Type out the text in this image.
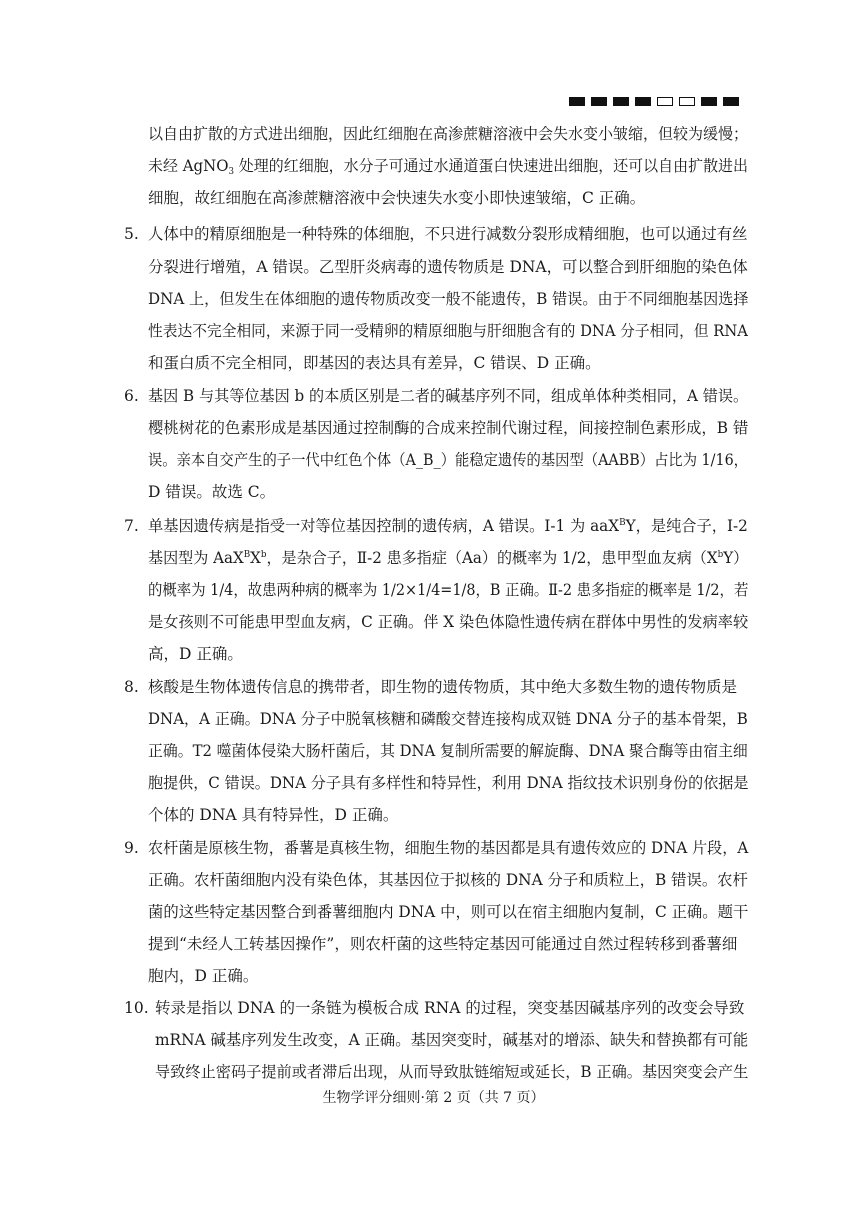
以自由扩散的方式进出细胞，因此红细胞在高渗蔗糖溶液中会失水变小皱缩，但较为缓慢；
未经 AgNO$_3$ 处理的红细胞，水分子可通过水通道蛋白快速进出细胞，还可以自由扩散进出
细胞，故红细胞在高渗蔗糖溶液中会快速失水变小即快速皱缩，C 正确。
5. 人体中的精原细胞是一种特殊的体细胞，不只进行减数分裂形成精细胞，也可以通过有丝
分裂进行增殖，A 错误。乙型肝炎病毒的遗传物质是 DNA，可以整合到肝细胞的染色体
DNA 上，但发生在体细胞的遗传物质改变一般不能遗传，B 错误。由于不同细胞基因选择
性表达不完全相同，来源于同一受精卵的精原细胞与肝细胞含有的 DNA 分子相同，但 RNA
和蛋白质不完全相同，即基因的表达具有差异，C 错误、D 正确。
6. 基因 B 与其等位基因 b 的本质区别是二者的碱基序列不同，组成单体种类相同，A 错误。
樱桃树花的色素形成是基因通过控制酶的合成来控制代谢过程，间接控制色素形成，B 错
误。亲本自交产生的子一代中红色个体（A_B_）能稳定遗传的基因型（AABB）占比为 1/16，
D 错误。故选 C。
7. 单基因遗传病是指受一对等位基因控制的遗传病，A 错误。Ⅰ-1 为 aaX$^B$Y，是纯合子，Ⅰ-2
基因型为 $AaX^BX^b$，是杂合子，Ⅱ-2 患多指症（Aa）的概率为 1/2，患甲型血友病$(X^bY)$
的概率为 1/4，故患两种病的概率为 1/2×1/4=1/8，B 正确。Ⅱ-2 患多指症的概率是 1/2，若
是女孩则不可能患甲型血友病，C 正确。伴 X 染色体隐性遗传病在群体中男性的发病率较
高，D 正确。
8. 核酸是生物体遗传信息的携带者，即生物的遗传物质，其中绝大多数生物的遗传物质是
DNA，A 正确。DNA 分子中脱氧核糖和磷酸交替连接构成双链 DNA 分子的基本骨架，B
正确。T2 噬菌体侵染大肠杆菌后，其 DNA 复制所需要的解旋酶、DNA 聚合酶等由宿主细
胞提供，C 错误。DNA 分子具有多样性和特异性，利用 DNA 指纹技术识别身份的依据是
个体的 DNA 具有特异性，D 正确。
9. 农杆菌是原核生物，番薯是真核生物，细胞生物的基因都是具有遗传效应的 DNA 片段，A
正确。农杆菌细胞内没有染色体，其基因位于拟核的 DNA 分子和质粒上，B 错误。农杆
菌的这些特定基因整合到番薯细胞内 DNA 中，则可以在宿主细胞内复制，C 正确。题干
提到“未经人工转基因操作”，则农杆菌的这些特定基因可能通过自然过程转移到番薯细
胞内，D 正确。
10. 转录是指以 DNA 的一条链为模板合成 RNA 的过程，突变基因碱基序列的改变会导致
mRNA 碱基序列发生改变，A 正确。基因突变时，碱基对的增添、缺失和替换都有可能
导致终止密码子提前或者滞后出现，从而导致肽链缩短或延长，B 正确。基因突变会产生
生物学评分细则·第 2 页（共 7 页）
